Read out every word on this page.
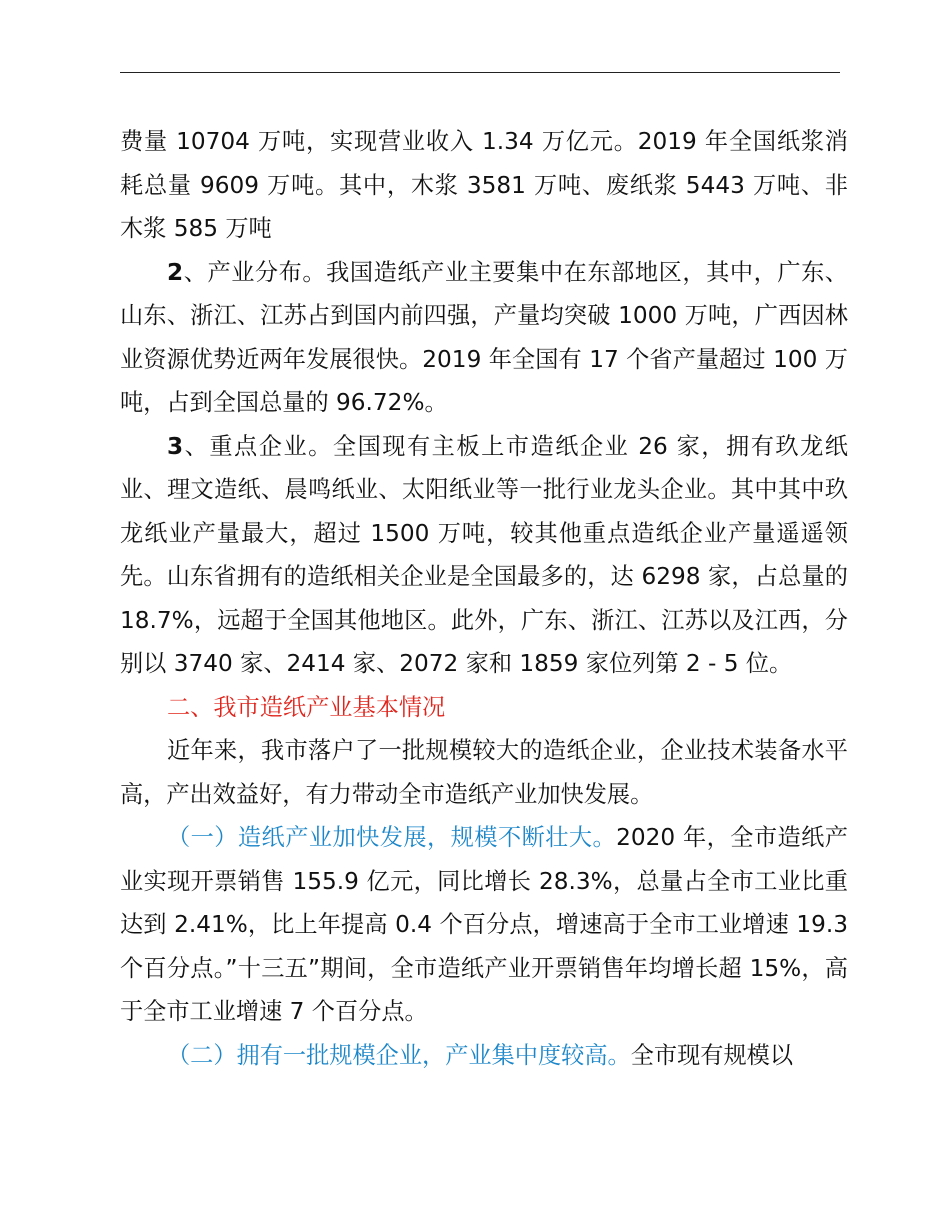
费量 10704 万吨，实现营业收入 1.34 万亿元。2019 年全国纸浆消耗总量 9609 万吨。其中，木浆 3581 万吨、废纸浆 5443 万吨、非木浆 585 万吨

2、产业分布。我国造纸产业主要集中在东部地区，其中，广东、山东、浙江、江苏占到国内前四强，产量均突破 1000 万吨，广西因林业资源优势近两年发展很快。2019 年全国有 17 个省产量超过 100 万吨，占到全国总量的 96.72%。

3、重点企业。全国现有主板上市造纸企业 26 家，拥有玖龙纸业、理文造纸、晨鸣纸业、太阳纸业等一批行业龙头企业。其中其中玖龙纸业产量最大，超过 1500 万吨，较其他重点造纸企业产量遥遥领先。山东省拥有的造纸相关企业是全国最多的，达 6298 家，占总量的 18.7%，远超于全国其他地区。此外，广东、浙江、江苏以及江西，分别以 3740 家、2414 家、2072 家和 1859 家位列第 2 - 5 位。

二、我市造纸产业基本情况

近年来，我市落户了一批规模较大的造纸企业，企业技术装备水平高，产出效益好，有力带动全市造纸产业加快发展。

（一）造纸产业加快发展，规模不断壮大。2020 年，全市造纸产业实现开票销售 155.9 亿元，同比增长 28.3%，总量占全市工业比重达到 2.41%，比上年提高 0.4 个百分点，增速高于全市工业增速 19.3 个百分点。”十三五”期间，全市造纸产业开票销售年均增长超 15%，高于全市工业增速 7 个百分点。

（二）拥有一批规模企业，产业集中度较高。全市现有规模以
